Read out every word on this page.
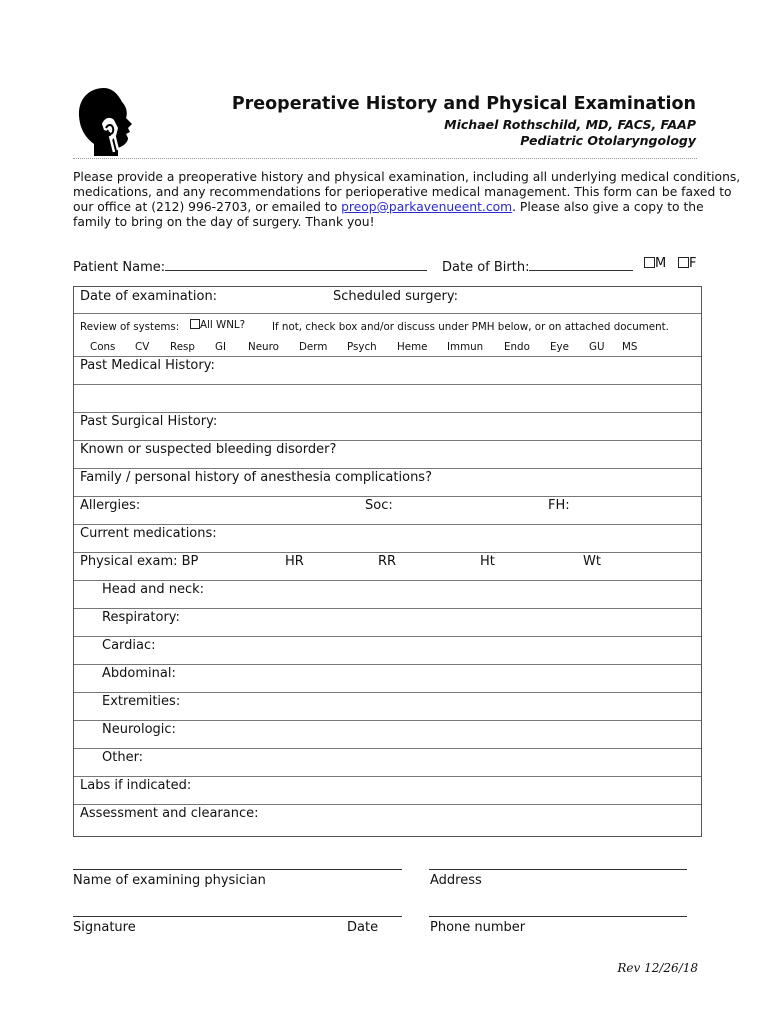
Preoperative History and Physical Examination
Michael Rothschild, MD, FACS, FAAP
Pediatric Otolaryngology
Please provide a preoperative history and physical examination, including all underlying medical conditions,
medications, and any recommendations for perioperative medical management. This form can be faxed to
our office at (212) 996-2703, or emailed to preop@parkavenueent.com. Please also give a copy to the
family to bring on the day of surgery. Thank you!
Patient Name:	Date of Birth:	M	F
Date of examination:	Scheduled surgery:
Review of systems:	All WNL?	If not, check box and/or discuss under PMH below, or on attached document.
Cons CV Resp GI Neuro Derm Psych Heme Immun Endo Eye GU MS
Past Medical History:
Past Surgical History:
Known or suspected bleeding disorder?
Family / personal history of anesthesia complications?
Allergies:	Soc:	FH:
Current medications:
Physical exam: BP	HR	RR	Ht	Wt
Head and neck:
Respiratory:
Cardiac:
Abdominal:
Extremities:
Neurologic:
Other:
Labs if indicated:
Assessment and clearance:
Name of examining physician	Address
Signature	Date	Phone number
Rev 12/26/18
